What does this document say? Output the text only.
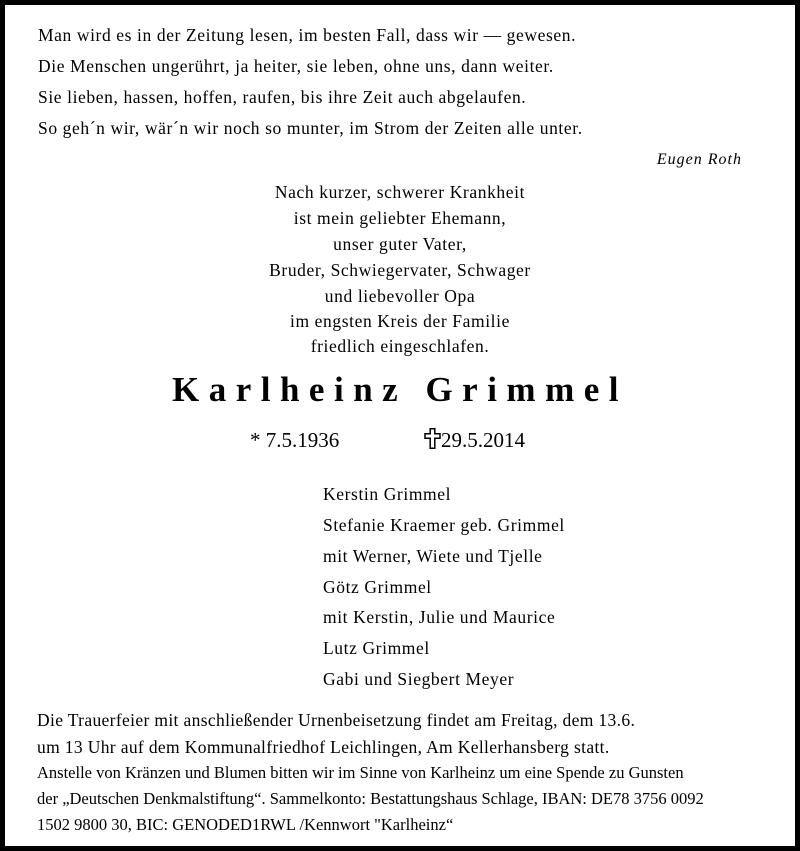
Man wird es in der Zeitung lesen, im besten Fall, dass wir — gewesen.
Die Menschen ungerührt, ja heiter, sie leben, ohne uns, dann weiter.
Sie lieben, hassen, hoffen, raufen, bis ihre Zeit auch abgelaufen.
So geh´n wir, wär´n wir noch so munter, im Strom der Zeiten alle unter.
Eugen Roth
Nach kurzer, schwerer Krankheit
ist mein geliebter Ehemann,
unser guter Vater,
Bruder, Schwiegervater, Schwager
und liebevoller Opa
im engsten Kreis der Familie
friedlich eingeschlafen.
Karlheinz Grimmel
* 7.5.1936	29.5.2014
Kerstin Grimmel
Stefanie Kraemer geb. Grimmel
mit Werner, Wiete und Tjelle
Götz Grimmel
mit Kerstin, Julie und Maurice
Lutz Grimmel
Gabi und Siegbert Meyer
Die Trauerfeier mit anschließender Urnenbeisetzung findet am Freitag, dem 13.6.
um 13 Uhr auf dem Kommunalfriedhof Leichlingen, Am Kellerhansberg statt.
Anstelle von Kränzen und Blumen bitten wir im Sinne von Karlheinz um eine Spende zu Gunsten
der „Deutschen Denkmalstiftung“. Sammelkonto: Bestattungshaus Schlage, IBAN: DE78 3756 0092
1502 9800 30, BIC: GENODED1RWL /Kennwort "Karlheinz“
